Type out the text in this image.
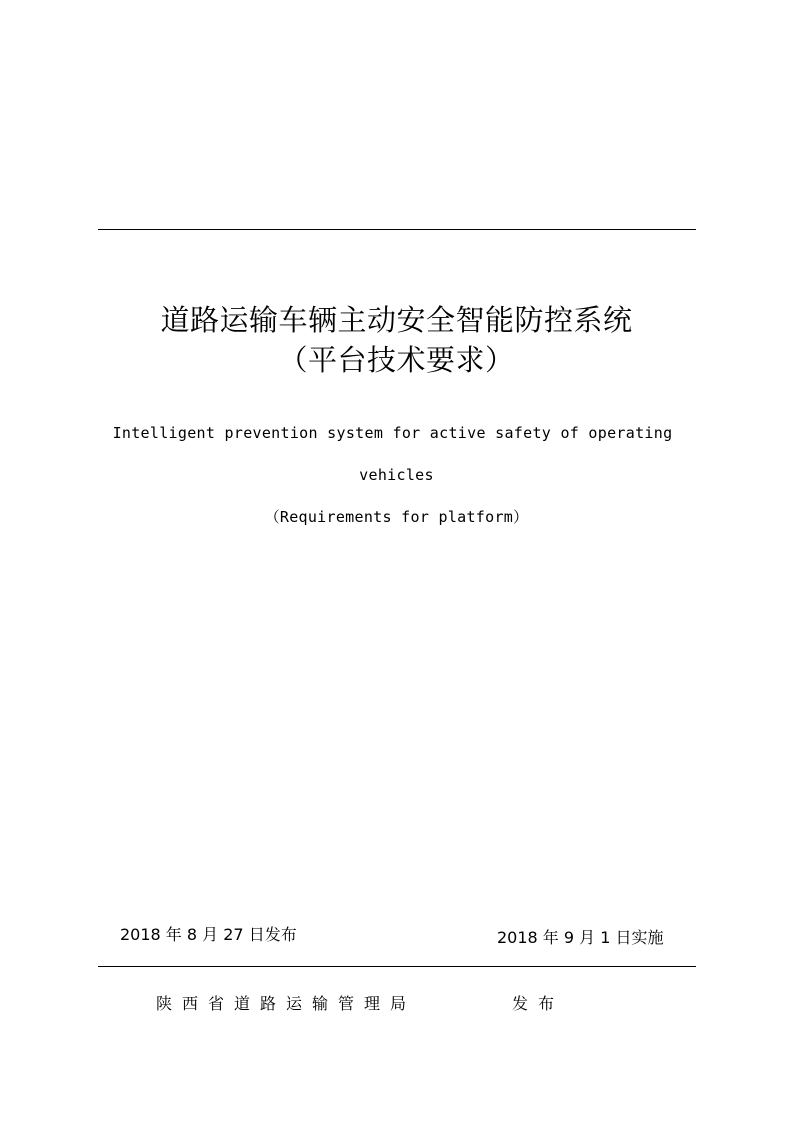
道路运输车辆主动安全智能防控系统
（平台技术要求）
Intelligent prevention system for active safety of operating
vehicles
（Requirements for platform）
2018 年 8 月 27 日发布	2018 年 9 月 1 日实施
陕西省道路运输管理局	发布
